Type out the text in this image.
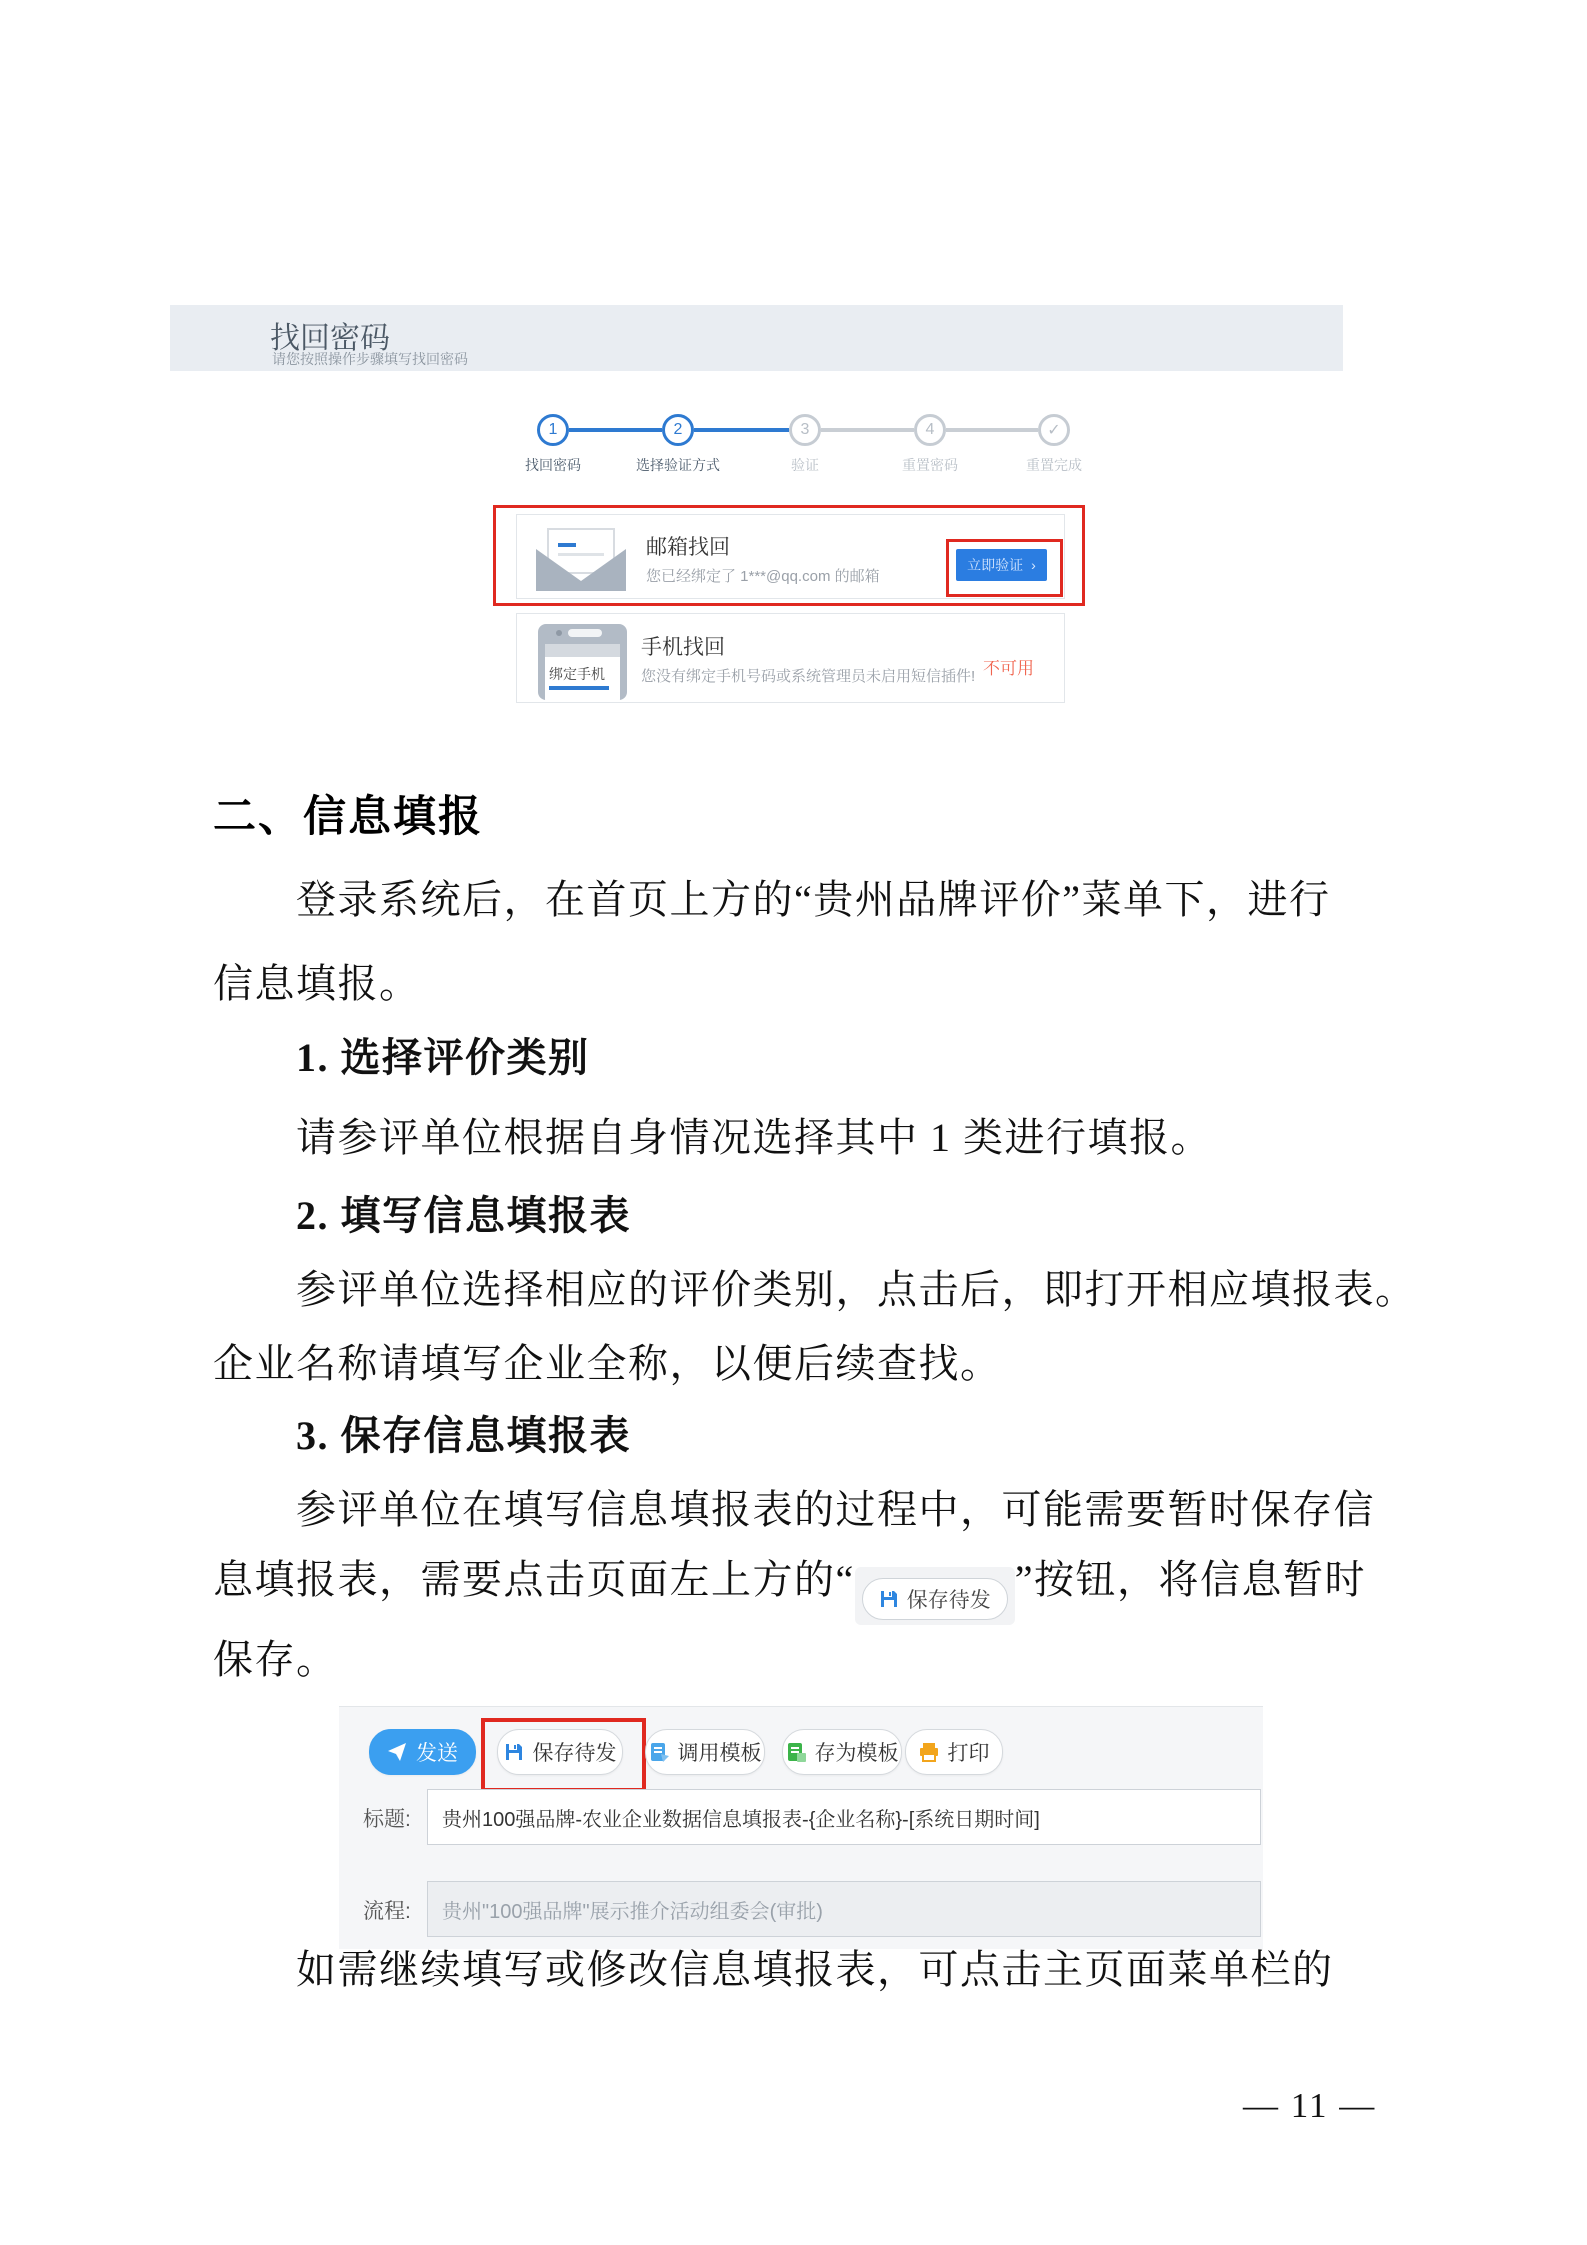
找回密码
请您按照操作步骤填写找回密码
1	2	3	4	✓
找回密码	选择验证方式	验证	重置密码	重置完成
邮箱找回
您已经绑定了 1***@qq.com 的邮箱
立即验证 ›
绑定手机
手机找回
您没有绑定手机号码或系统管理员未启用短信插件! 不可用
二、信息填报
登录系统后，在首页上方的“贵州品牌评价”菜单下，进行
信息填报。
1. 选择评价类别
请参评单位根据自身情况选择其中 1 类进行填报。
2. 填写信息填报表
参评单位选择相应的评价类别，点击后，即打开相应填报表。
企业名称请填写企业全称，以便后续查找。
3. 保存信息填报表
参评单位在填写信息填报表的过程中，可能需要暂时保存信
息填报表，需要点击页面左上方的“ 保存待发 ”按钮，将信息暂时
保存。
发送	保存待发	调用模板	存为模板 打印
标题: 贵州100强品牌-农业企业数据信息填报表-{企业名称}-[系统日期时间]
流程: 贵州"100强品牌"展示推介活动组委会(审批)
如需继续填写或修改信息填报表，可点击主页面菜单栏的
— 11 —
